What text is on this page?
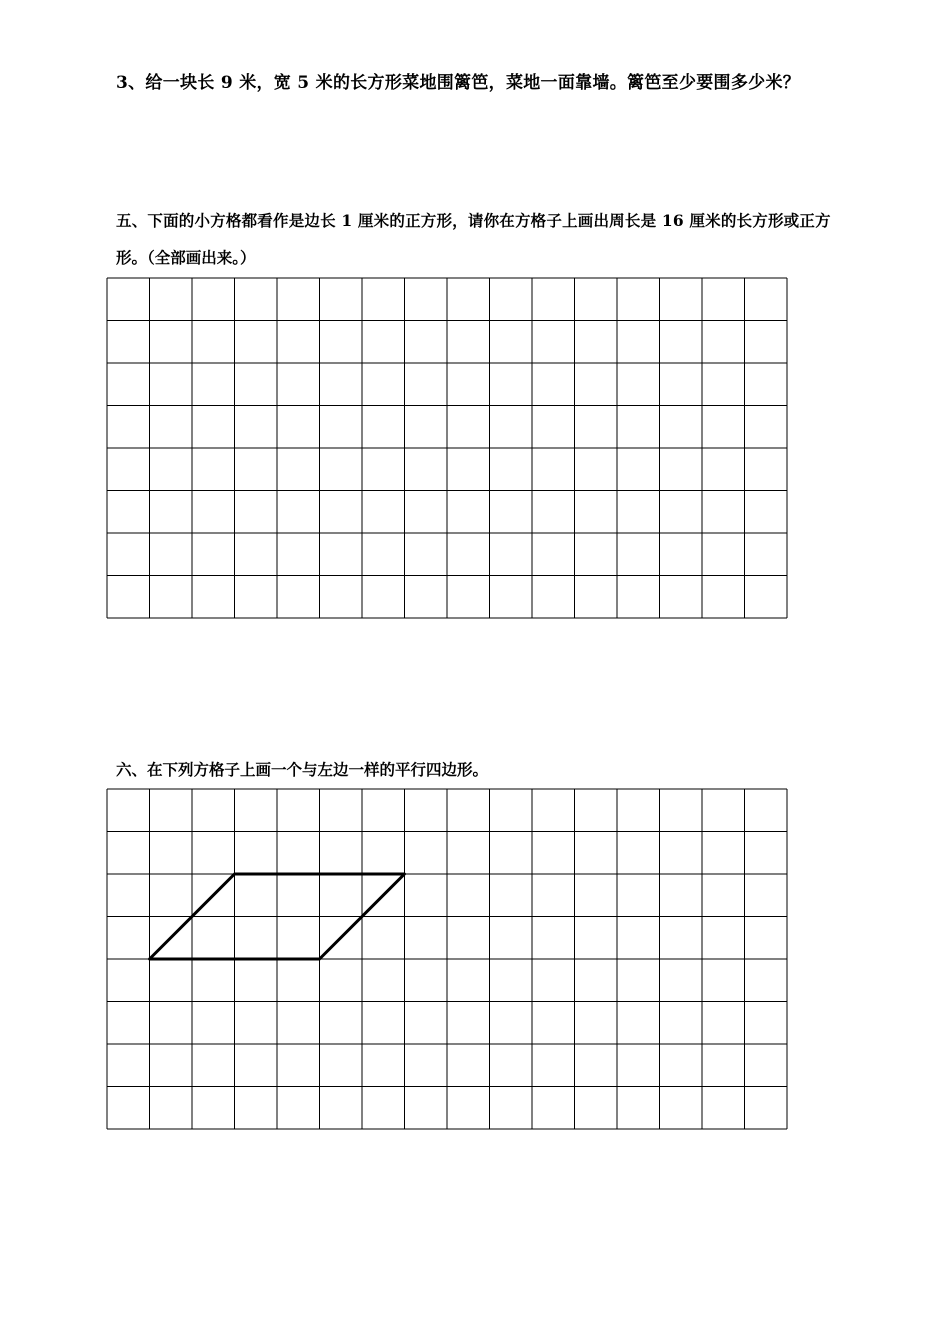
3、给一块长 9 米，宽 5 米的长方形菜地围篱笆，菜地一面靠墙。篱笆至少要围多少米？
五、下面的小方格都看作是边长 1 厘米的正方形，请你在方格子上画出周长是 16 厘米的长方形或正方
形。（全部画出来。）
六、在下列方格子上画一个与左边一样的平行四边形。
